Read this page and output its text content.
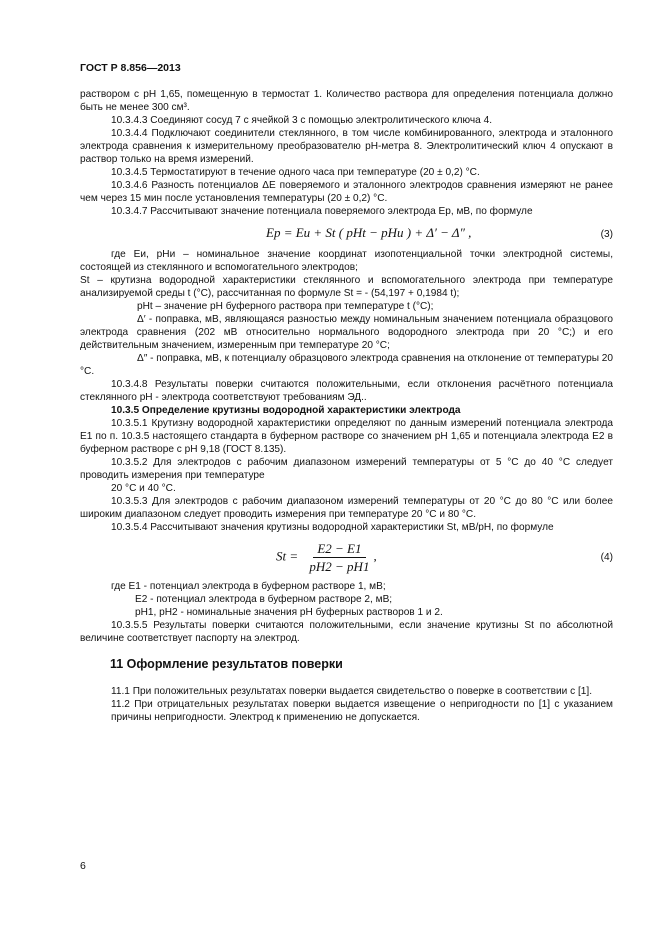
ГОСТ Р 8.856—2013

раствором с рН 1,65, помещенную в термостат 1. Количество раствора для определения потенциала должно быть не менее 300 см³.

10.3.4.3 Соединяют сосуд 7 с ячейкой 3 с помощью электролитического ключа 4.

10.3.4.4 Подключают соединители стеклянного, в том числе комбинированного, электрода и эталонного электрода сравнения к измерительному преобразователю pH-метра 8. Электролитический ключ 4 опускают в раствор только на время измерений.

10.3.4.5 Термостатируют в течение одного часа при температуре (20 ± 0,2) °С.

10.3.4.6 Разность потенциалов ΔЕ поверяемого и эталонного электродов сравнения измеряют не ранее чем через 15 мин после установления температуры (20 ± 0,2) °С.

10.3.4.7 Рассчитывают значение потенциала поверяемого электрода Ep, мВ, по формуле

Ep = Eи + St ( pHt − pHи ) + Δ′ − Δ″ ,	(3)

где Еи, pHи – номинальное значение координат изопотенциальной точки электродной системы, состоящей из стеклянного и вспомогательного электродов;

St – крутизна водородной характеристики стеклянного и вспомогательного электрода при температуре анализируемой среды t (°С), рассчитанная по формуле St = - (54,197 + 0,1984 t);

pHt – значение рН буферного раствора при температуре t (°С);

Δ′ - поправка, мВ, являющаяся разностью между номинальным значением потенциала образцового электрода сравнения (202 мВ относительно нормального водородного электрода при 20 °С;) и его действительным значением, измеренным при температуре 20 °С;

Δ″ - поправка, мВ, к потенциалу образцового электрода сравнения на отклонение от температуры 20 °С.

10.3.4.8 Результаты поверки считаются положительными, если отклонения расчётного потенциала стеклянного рН - электрода соответствуют требованиям ЭД..

10.3.5 Определение крутизны водородной характеристики электрода

10.3.5.1 Крутизну водородной характеристики определяют по данным измерений потенциала электрода Е1 по п. 10.3.5 настоящего стандарта в буферном растворе со значением рН 1,65 и потенциала электрода Е2 в буферном растворе с рН 9,18 (ГОСТ 8.135).

10.3.5.2 Для электродов с рабочим диапазоном измерений температуры от 5 °С до 40 °С следует проводить измерения при температуре

20 °С и 40 °С.

10.3.5.3 Для электродов с рабочим диапазоном измерений температуры от 20 °С до 80 °С или более широким диапазоном следует проводить измерения при температуре 20 °С и 80 °С.

10.3.5.4 Рассчитывают значения крутизны водородной характеристики St, мВ/рН, по формуле

$St = \frac{E2 - E1}{pH2 - pH1}$ ,	(4)

где Е1 - потенциал электрода в буферном растворе 1, мВ;

Е2 - потенциал электрода в буферном растворе 2, мВ;

pH1, pH2 - номинальные значения рН буферных растворов 1 и 2.

10.3.5.5 Результаты поверки считаются положительными, если значение крутизны St по абсолютной величине соответствует паспорту на электрод.

11 Оформление результатов поверки

11.1 При положительных результатах поверки выдается свидетельство о поверке в соответствии с [1].

11.2 При отрицательных результатах поверки выдается извещение о непригодности по [1] с указанием причины непригодности. Электрод к применению не допускается.

6
